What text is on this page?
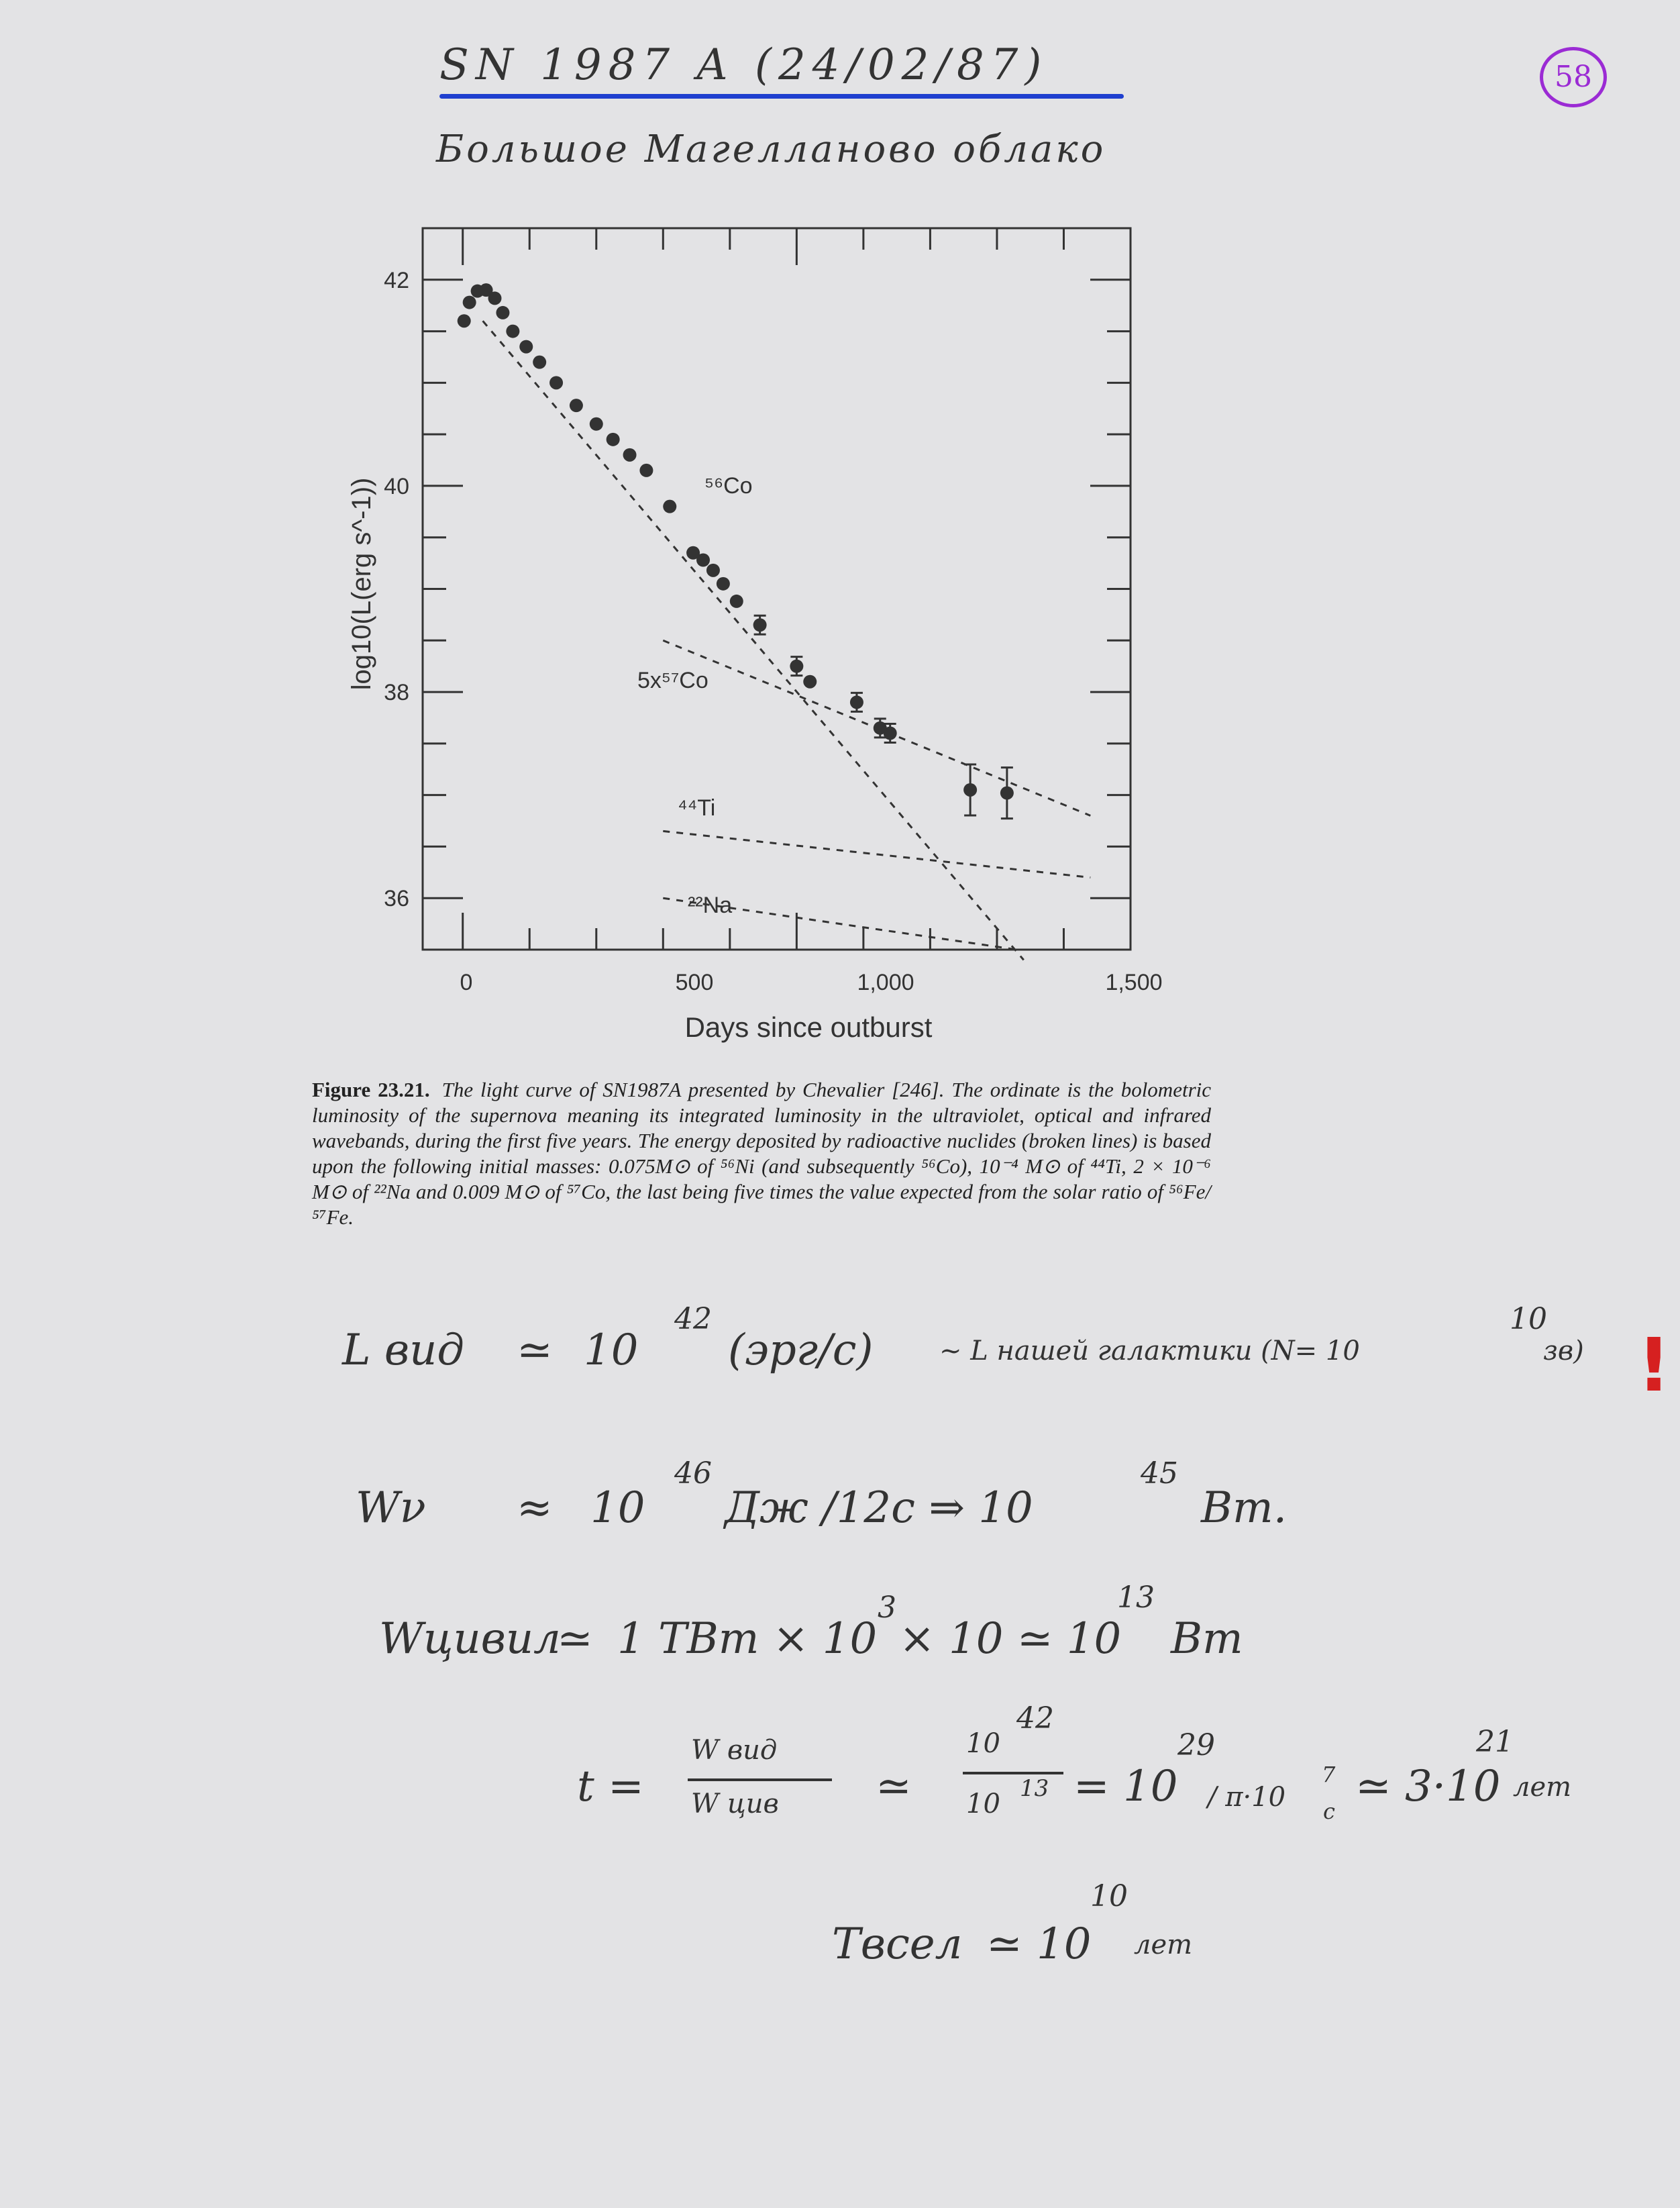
SN 1987 A (24/02/87)	58
Большое Магелланово облако
36
38
40
42
0	500	1,000	1,500
Days since outburst
log10(L(erg s^-1))	⁵⁶Co
5x⁵⁷Co
⁴⁴Ti
²²Na
Figure 23.21. The light curve of SN1987A presented by Chevalier [246]. The ordinate is the bolometric luminosity of the supernova meaning its integrated luminosity in the ultraviolet, optical and infrared wavebands, during the first five years. The energy deposited by radioactive nuclides (broken lines) is based upon the following initial masses: 0.075M⊙ of ⁵⁶Ni (and subsequently ⁵⁶Co), 10⁻⁴ M⊙ of ⁴⁴Ti, 2 × 10⁻⁶ M⊙ of ²²Na and 0.009 M⊙ of ⁵⁷Co, the last being five times the value expected from the solar ratio of ⁵⁶Fe/⁵⁷Fe.
L вид ≃ 10
42
(эрг/с) ~ L нашей галактики (N= 10
10
зв) !
Wν ≈ 10
46
Дж /12с ⇒ 10
45
Вт.
Wцивил
≃ 1 ТВт × 10
3
× 10 ≃ 10
13
Вт
t =
W вид
W цив ≃
10
42
10 13 = 10
29
/ π·10
7
с ≃ 3·10
21
лет
Tвсел ≃ 10
10
лет
